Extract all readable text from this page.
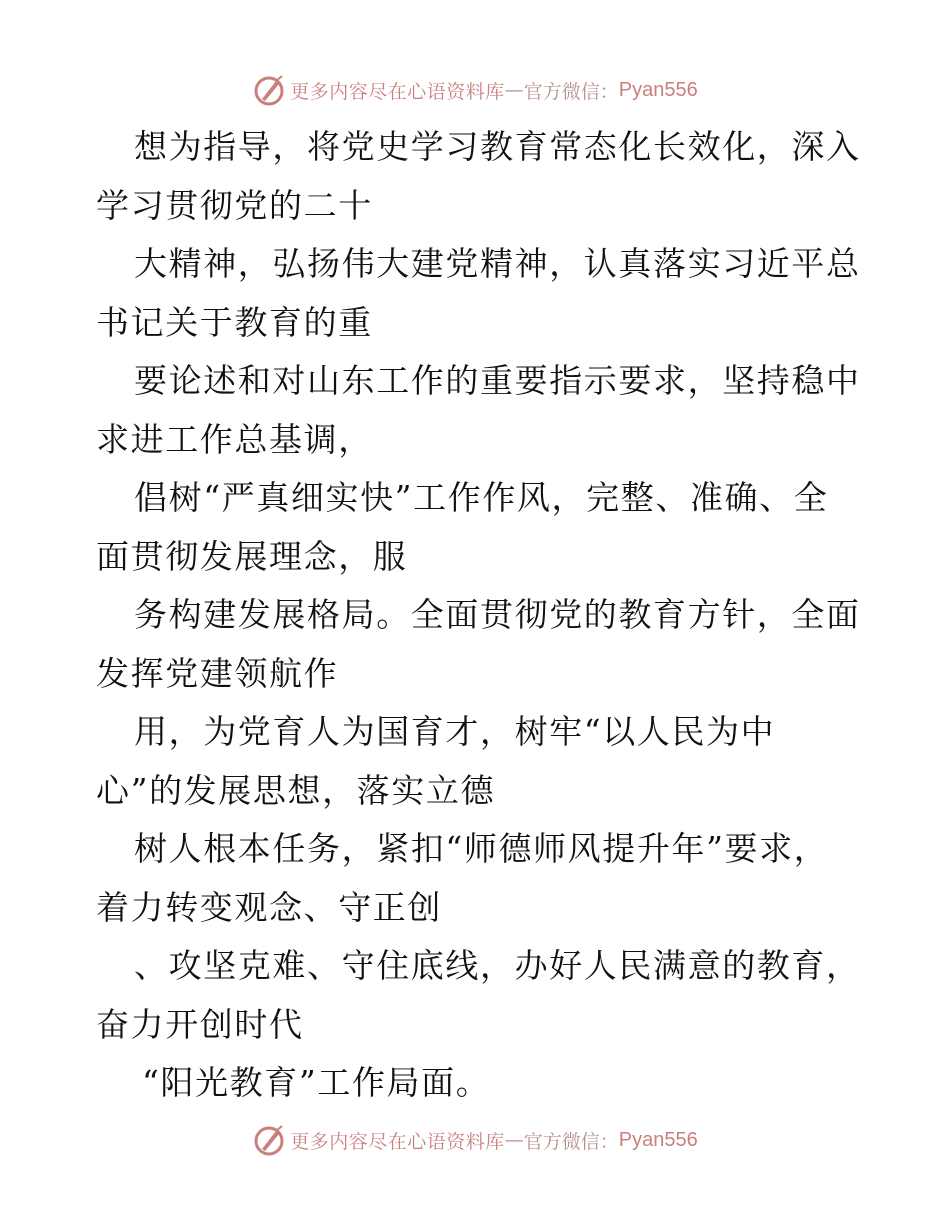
更多内容尽在心语资料库 — 官方微信： Pyan556
想为指导，将党史学习教育常态化长效化，深入
学习贯彻党的二十
大精神，弘扬伟大建党精神，认真落实习近平总
书记关于教育的重
要论述和对山东工作的重要指示要求，坚持稳中
求进工作总基调，
倡树“严真细实快”工作作风，完整、准确、全
面贯彻发展理念，服
务构建发展格局。全面贯彻党的教育方针，全面
发挥党建领航作
用，为党育人为国育才，树牢“以人民为中
心”的发展思想，落实立德
树人根本任务，紧扣“师德师风提升年”要求，
着力转变观念、守正创
、攻坚克难、守住底线，办好人民满意的教育，
奋力开创时代
“阳光教育”工作局面。
更多内容尽在心语资料库 — 官方微信： Pyan556
